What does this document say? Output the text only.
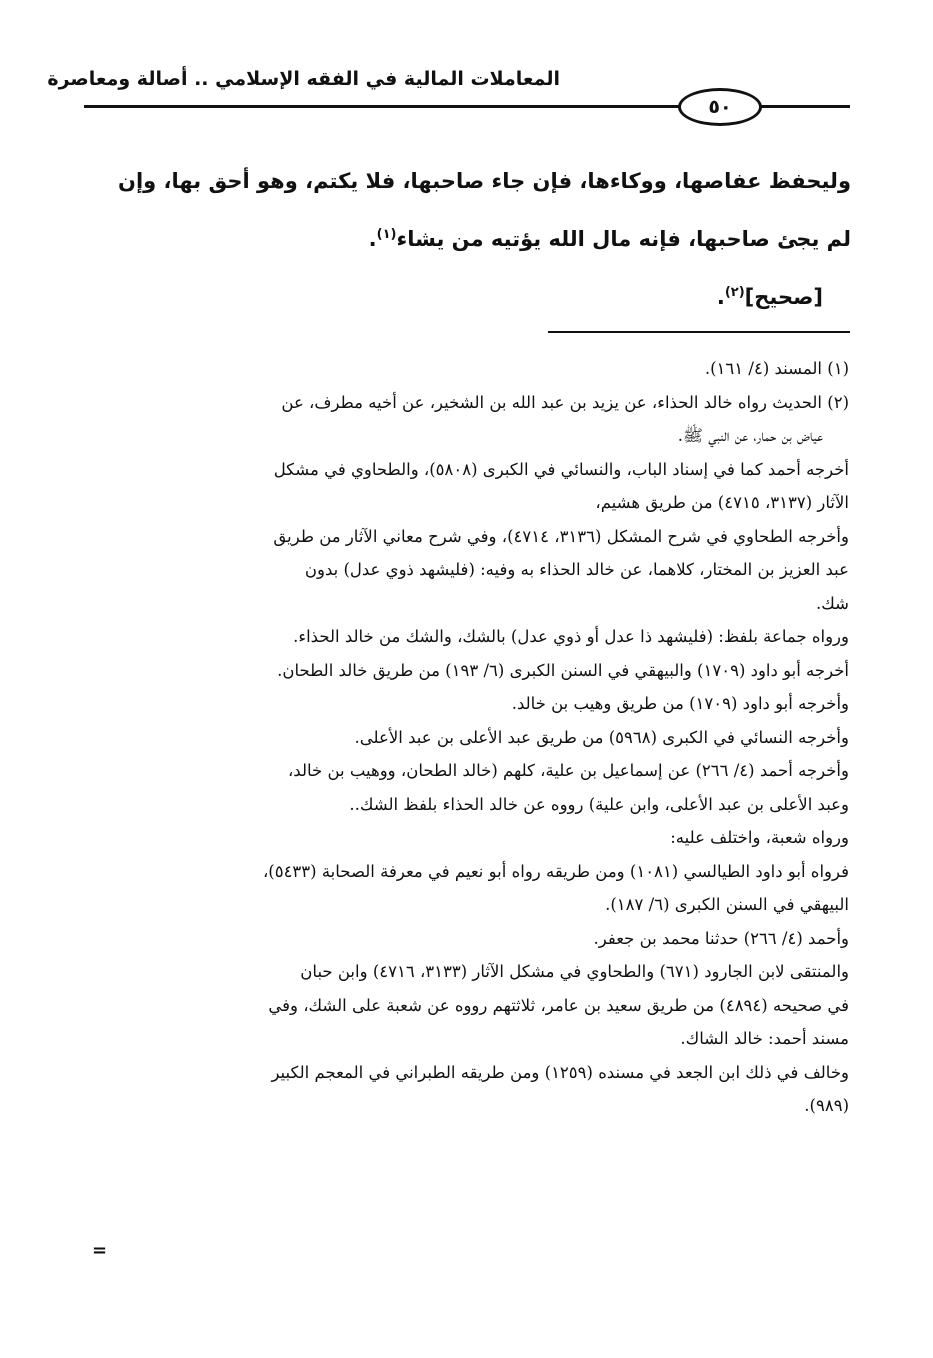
المعاملات المالية في الفقه الإسلامي .. أصالة ومعاصرة
٥٠
وليحفظ عفاصها، ووكاءها، فإن جاء صاحبها، فلا يكتم، وهو أحق بها، وإن
لم يجئ صاحبها، فإنه مال الله يؤتيه من يشاء$^{(١)}$.
[صحيح]$^{(٢)}$.
(١) المسند (٤/ ١٦١).
(٢) الحديث رواه خالد الحذاء، عن يزيد بن عبد الله بن الشخير، عن أخيه مطرف، عن
عياض بن حمار، عن النبي ﷺ.
أخرجه أحمد كما في إسناد الباب، والنسائي في الكبرى (٥٨٠٨)، والطحاوي في مشكل
الآثار (٣١٣٧، ٤٧١٥) من طريق هشيم،
وأخرجه الطحاوي في شرح المشكل (٣١٣٦، ٤٧١٤)، وفي شرح معاني الآثار من طريق
عبد العزيز بن المختار، كلاهما، عن خالد الحذاء به وفيه: (فليشهد ذوي عدل) بدون
شك.
ورواه جماعة بلفظ: (فليشهد ذا عدل أو ذوي عدل) بالشك، والشك من خالد الحذاء.
أخرجه أبو داود (١٧٠٩) والبيهقي في السنن الكبرى (٦/ ١٩٣) من طريق خالد الطحان.
وأخرجه أبو داود (١٧٠٩) من طريق وهيب بن خالد.
وأخرجه النسائي في الكبرى (٥٩٦٨) من طريق عبد الأعلى بن عبد الأعلى.
وأخرجه أحمد (٤/ ٢٦٦) عن إسماعيل بن علية، كلهم (خالد الطحان، ووهيب بن خالد،
وعبد الأعلى بن عبد الأعلى، وابن علية) رووه عن خالد الحذاء بلفظ الشك..
ورواه شعبة، واختلف عليه:
فرواه أبو داود الطيالسي (١٠٨١) ومن طريقه رواه أبو نعيم في معرفة الصحابة (٥٤٣٣)،
البيهقي في السنن الكبرى (٦/ ١٨٧).
وأحمد (٤/ ٢٦٦) حدثنا محمد بن جعفر.
والمنتقى لابن الجارود (٦٧١) والطحاوي في مشكل الآثار (٣١٣٣، ٤٧١٦) وابن حبان
في صحيحه (٤٨٩٤) من طريق سعيد بن عامر، ثلاثتهم رووه عن شعبة على الشك، وفي
مسند أحمد: خالد الشاك.
وخالف في ذلك ابن الجعد في مسنده (١٢٥٩) ومن طريقه الطبراني في المعجم الكبير
(٩٨٩).
=
